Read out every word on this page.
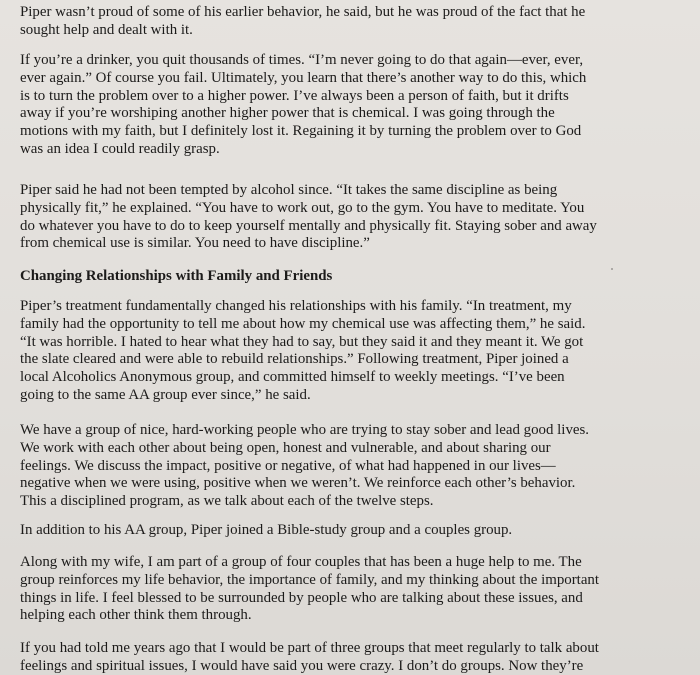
Piper wasn’t proud of some of his earlier behavior, he said, but he was proud of the fact that he
sought help and dealt with it.

If you’re a drinker, you quit thousands of times. “I’m never going to do that again—ever, ever,
ever again.” Of course you fail. Ultimately, you learn that there’s another way to do this, which
is to turn the problem over to a higher power. I’ve always been a person of faith, but it drifts
away if you’re worshiping another higher power that is chemical. I was going through the
motions with my faith, but I definitely lost it. Regaining it by turning the problem over to God
was an idea I could readily grasp.

Piper said he had not been tempted by alcohol since. “It takes the same discipline as being
physically fit,” he explained. “You have to work out, go to the gym. You have to meditate. You
do whatever you have to do to keep yourself mentally and physically fit. Staying sober and away
from chemical use is similar. You need to have discipline.”

Changing Relationships with Family and Friends

Piper’s treatment fundamentally changed his relationships with his family. “In treatment, my
family had the opportunity to tell me about how my chemical use was affecting them,” he said.
“It was horrible. I hated to hear what they had to say, but they said it and they meant it. We got
the slate cleared and were able to rebuild relationships.” Following treatment, Piper joined a
local Alcoholics Anonymous group, and committed himself to weekly meetings. “I’ve been
going to the same AA group ever since,” he said.

We have a group of nice, hard-working people who are trying to stay sober and lead good lives.
We work with each other about being open, honest and vulnerable, and about sharing our
feelings. We discuss the impact, positive or negative, of what had happened in our lives—
negative when we were using, positive when we weren’t. We reinforce each other’s behavior.
This a disciplined program, as we talk about each of the twelve steps.

In addition to his AA group, Piper joined a Bible-study group and a couples group.

Along with my wife, I am part of a group of four couples that has been a huge help to me. The
group reinforces my life behavior, the importance of family, and my thinking about the important
things in life. I feel blessed to be surrounded by people who are talking about these issues, and
helping each other think them through.

If you had told me years ago that I would be part of three groups that meet regularly to talk about
feelings and spiritual issues, I would have said you were crazy. I don’t do groups. Now they’re
